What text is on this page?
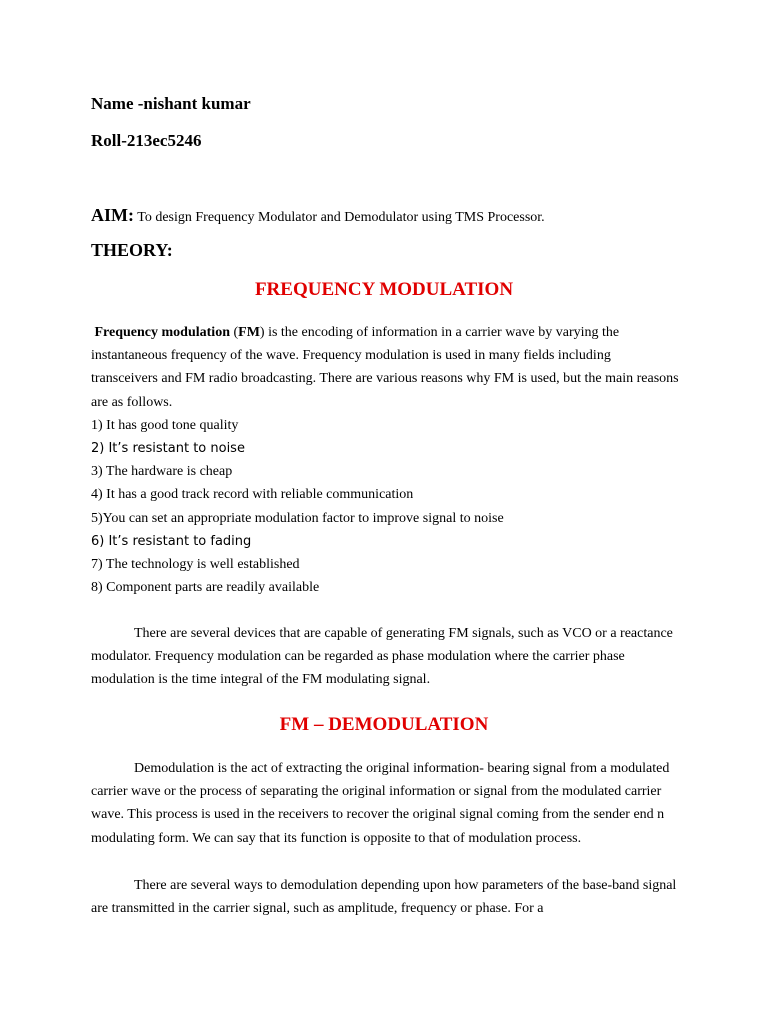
Name -nishant kumar
Roll-213ec5246
AIM: To design Frequency Modulator and Demodulator using TMS Processor.
THEORY:
FREQUENCY MODULATION

Frequency modulation (FM) is the encoding of information in a carrier wave by varying the instantaneous frequency of the wave. Frequency modulation is used in many fields including transceivers and FM radio broadcasting. There are various reasons why FM is used, but the main reasons are as follows.

1) It has good tone quality
2) It’s resistant to noise
3) The hardware is cheap
4) It has a good track record with reliable communication
5)You can set an appropriate modulation factor to improve signal to noise
6) It’s resistant to fading
7) The technology is well established
8) Component parts are readily available

There are several devices that are capable of generating FM signals, such as VCO or a reactance modulator. Frequency modulation can be regarded as phase modulation where the carrier phase modulation is the time integral of the FM modulating signal.

FM – DEMODULATION

Demodulation is the act of extracting the original information- bearing signal from a modulated carrier wave or the process of separating the original information or signal from the modulated carrier wave. This process is used in the receivers to recover the original signal coming from the sender end n modulating form. We can say that its function is opposite to that of modulation process.

There are several ways to demodulation depending upon how parameters of the base-band signal are transmitted in the carrier signal, such as amplitude, frequency or phase. For a
